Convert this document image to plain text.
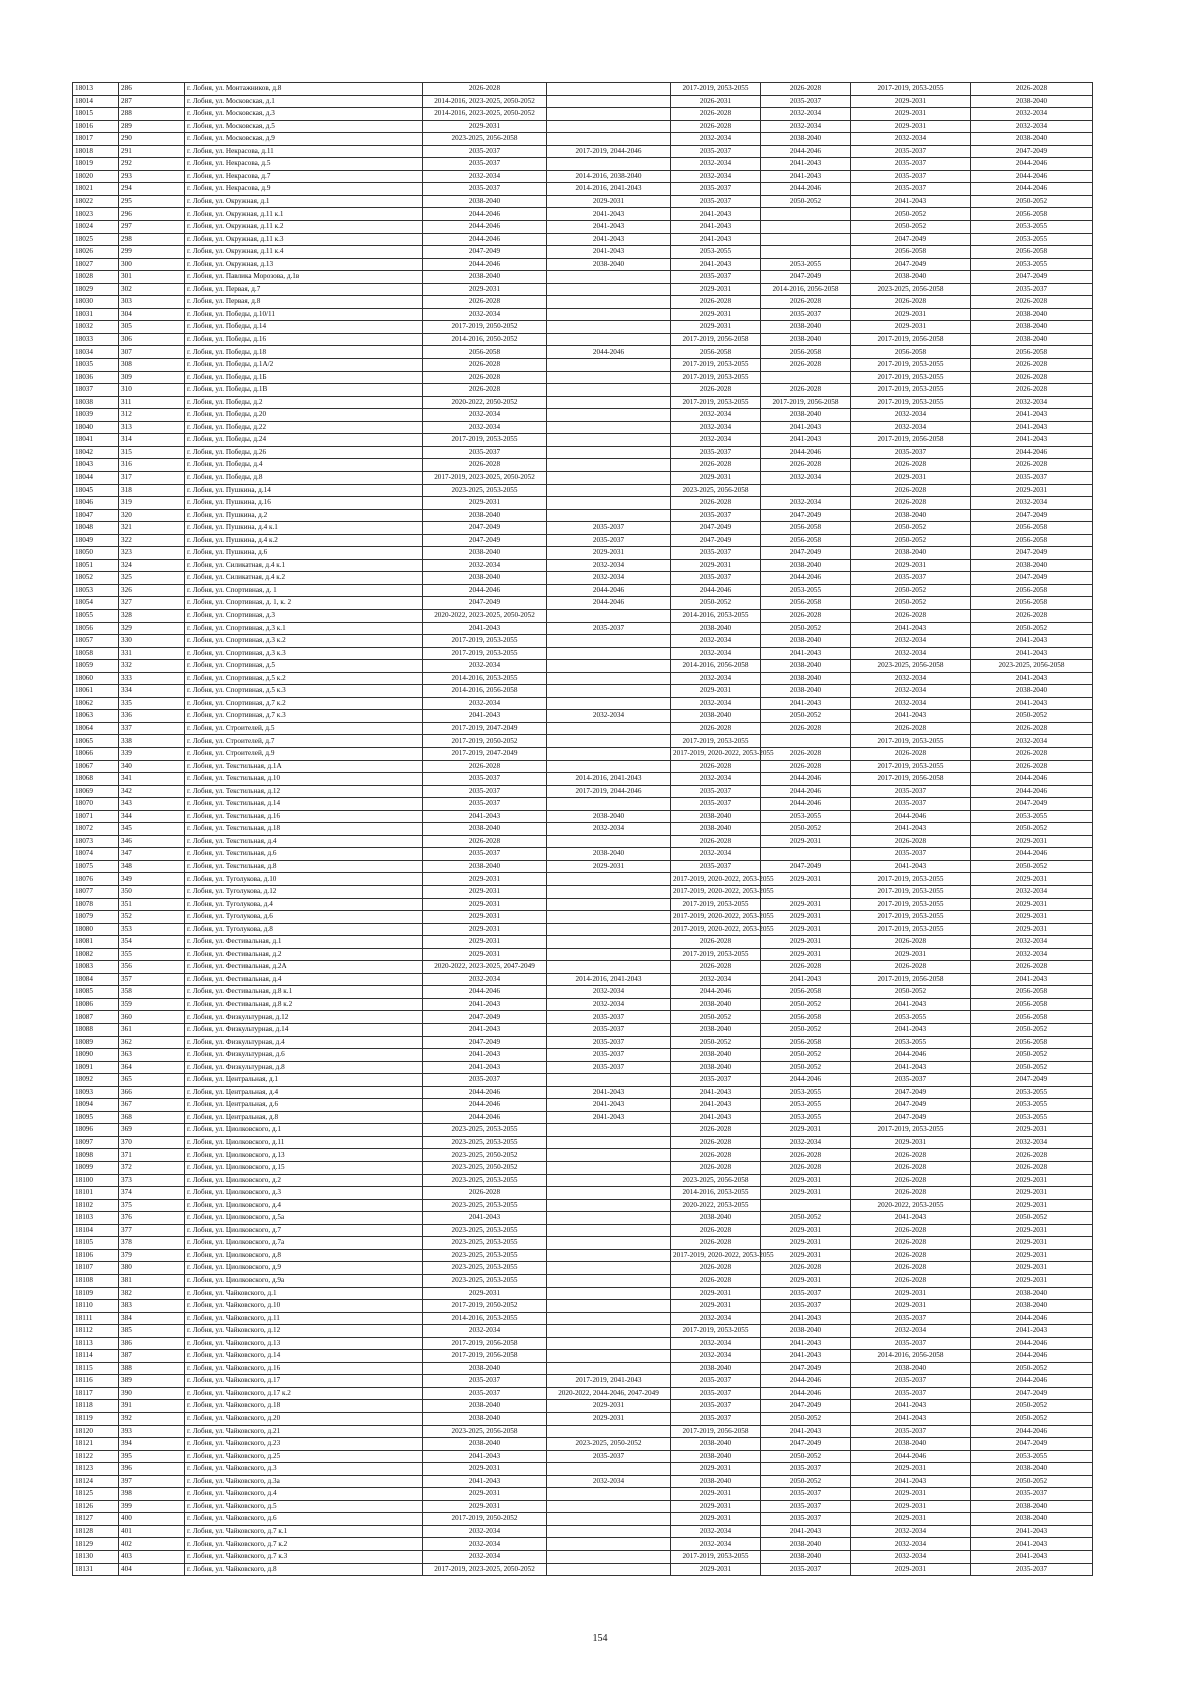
18013	286	г. Лобня, ул. Монтажников, д.8	2026-2028		2017-2019, 2053-2055	2026-2028	2017-2019, 2053-2055	2026-2028
18014	287	г. Лобня, ул. Московская, д.1	2014-2016, 2023-2025, 2050-2052		2026-2031	2035-2037	2029-2031	2038-2040
18015	288	г. Лобня, ул. Московская, д.3	2014-2016, 2023-2025, 2050-2052		2026-2028	2032-2034	2029-2031	2032-2034
18016	289	г. Лобня, ул. Московская, д.5	2029-2031		2026-2028	2032-2034	2029-2031	2032-2034
18017	290	г. Лобня, ул. Московская, д.9	2023-2025, 2056-2058		2032-2034	2038-2040	2032-2034	2038-2040
18018	291	г. Лобня, ул. Некрасова, д.11	2035-2037	2017-2019, 2044-2046	2035-2037	2044-2046	2035-2037	2047-2049
18019	292	г. Лобня, ул. Некрасова, д.5	2035-2037		2032-2034	2041-2043	2035-2037	2044-2046
18020	293	г. Лобня, ул. Некрасова, д.7	2032-2034	2014-2016, 2038-2040	2032-2034	2041-2043	2035-2037	2044-2046
18021	294	г. Лобня, ул. Некрасова, д.9	2035-2037	2014-2016, 2041-2043	2035-2037	2044-2046	2035-2037	2044-2046
18022	295	г. Лобня, ул. Окружная, д.1	2038-2040	2029-2031	2035-2037	2050-2052	2041-2043	2050-2052
18023	296	г. Лобня, ул. Окружная, д.11 к.1	2044-2046	2041-2043	2041-2043		2050-2052	2056-2058
18024	297	г. Лобня, ул. Окружная, д.11 к.2	2044-2046	2041-2043	2041-2043		2050-2052	2053-2055
18025	298	г. Лобня, ул. Окружная, д.11 к.3	2044-2046	2041-2043	2041-2043		2047-2049	2053-2055
18026	299	г. Лобня, ул. Окружная, д.11 к.4	2047-2049	2041-2043	2053-2055		2056-2058	2056-2058
18027	300	г. Лобня, ул. Окружная, д.13	2044-2046	2038-2040	2041-2043	2053-2055	2047-2049	2053-2055
18028	301	г. Лобня, ул. Павлика Морозова, д.1в	2038-2040		2035-2037	2047-2049	2038-2040	2047-2049
18029	302	г. Лобня, ул. Первая, д.7	2029-2031		2029-2031	2014-2016, 2056-2058	2023-2025, 2056-2058	2035-2037
18030	303	г. Лобня, ул. Первая, д.8	2026-2028		2026-2028	2026-2028	2026-2028	2026-2028
18031	304	г. Лобня, ул. Победы, д.10/11	2032-2034		2029-2031	2035-2037	2029-2031	2038-2040
18032	305	г. Лобня, ул. Победы, д.14	2017-2019, 2050-2052		2029-2031	2038-2040	2029-2031	2038-2040
18033	306	г. Лобня, ул. Победы, д.16	2014-2016, 2050-2052		2017-2019, 2056-2058	2038-2040	2017-2019, 2056-2058	2038-2040
18034	307	г. Лобня, ул. Победы, д.18	2056-2058	2044-2046	2056-2058	2056-2058	2056-2058	2056-2058
18035	308	г. Лобня, ул. Победы, д.1А/2	2026-2028		2017-2019, 2053-2055	2026-2028	2017-2019, 2053-2055	2026-2028
18036	309	г. Лобня, ул. Победы, д.1Б	2026-2028		2017-2019, 2053-2055		2017-2019, 2053-2055	2026-2028
18037	310	г. Лобня, ул. Победы, д.1В	2026-2028		2026-2028	2026-2028	2017-2019, 2053-2055	2026-2028
18038	311	г. Лобня, ул. Победы, д.2	2020-2022, 2050-2052		2017-2019, 2053-2055	2017-2019, 2056-2058	2017-2019, 2053-2055	2032-2034
18039	312	г. Лобня, ул. Победы, д.20	2032-2034		2032-2034	2038-2040	2032-2034	2041-2043
18040	313	г. Лобня, ул. Победы, д.22	2032-2034		2032-2034	2041-2043	2032-2034	2041-2043
18041	314	г. Лобня, ул. Победы, д.24	2017-2019, 2053-2055		2032-2034	2041-2043	2017-2019, 2056-2058	2041-2043
18042	315	г. Лобня, ул. Победы, д.26	2035-2037		2035-2037	2044-2046	2035-2037	2044-2046
18043	316	г. Лобня, ул. Победы, д.4	2026-2028		2026-2028	2026-2028	2026-2028	2026-2028
18044	317	г. Лобня, ул. Победы, д.8	2017-2019, 2023-2025, 2050-2052		2029-2031	2032-2034	2029-2031	2035-2037
18045	318	г. Лобня, ул. Пушкина, д.14	2023-2025, 2053-2055		2023-2025, 2056-2058		2026-2028	2029-2031
18046	319	г. Лобня, ул. Пушкина, д.16	2029-2031		2026-2028	2032-2034	2026-2028	2032-2034
18047	320	г. Лобня, ул. Пушкина, д.2	2038-2040		2035-2037	2047-2049	2038-2040	2047-2049
18048	321	г. Лобня, ул. Пушкина, д.4 к.1	2047-2049	2035-2037	2047-2049	2056-2058	2050-2052	2056-2058
18049	322	г. Лобня, ул. Пушкина, д.4 к.2	2047-2049	2035-2037	2047-2049	2056-2058	2050-2052	2056-2058
18050	323	г. Лобня, ул. Пушкина, д.6	2038-2040	2029-2031	2035-2037	2047-2049	2038-2040	2047-2049
18051	324	г. Лобня, ул. Силикатная, д.4 к.1	2032-2034	2032-2034	2029-2031	2038-2040	2029-2031	2038-2040
18052	325	г. Лобня, ул. Силикатная, д.4 к.2	2038-2040	2032-2034	2035-2037	2044-2046	2035-2037	2047-2049
18053	326	г. Лобня, ул. Спортивная, д. 1	2044-2046	2044-2046	2044-2046	2053-2055	2050-2052	2056-2058
18054	327	г. Лобня, ул. Спортивная, д. 1, к. 2	2047-2049	2044-2046	2050-2052	2056-2058	2050-2052	2056-2058
18055	328	г. Лобня, ул. Спортивная, д.3	2020-2022, 2023-2025, 2050-2052		2014-2016, 2053-2055	2026-2028	2026-2028	2026-2028
18056	329	г. Лобня, ул. Спортивная, д.3 к.1	2041-2043	2035-2037	2038-2040	2050-2052	2041-2043	2050-2052
18057	330	г. Лобня, ул. Спортивная, д.3 к.2	2017-2019, 2053-2055		2032-2034	2038-2040	2032-2034	2041-2043
18058	331	г. Лобня, ул. Спортивная, д.3 к.3	2017-2019, 2053-2055		2032-2034	2041-2043	2032-2034	2041-2043
18059	332	г. Лобня, ул. Спортивная, д.5	2032-2034		2014-2016, 2056-2058	2038-2040	2023-2025, 2056-2058	2023-2025, 2056-2058
18060	333	г. Лобня, ул. Спортивная, д.5 к.2	2014-2016, 2053-2055		2032-2034	2038-2040	2032-2034	2041-2043
18061	334	г. Лобня, ул. Спортивная, д.5 к.3	2014-2016, 2056-2058		2029-2031	2038-2040	2032-2034	2038-2040
18062	335	г. Лобня, ул. Спортивная, д.7 к.2	2032-2034		2032-2034	2041-2043	2032-2034	2041-2043
18063	336	г. Лобня, ул. Спортивная, д.7 к.3	2041-2043	2032-2034	2038-2040	2050-2052	2041-2043	2050-2052
18064	337	г. Лобня, ул. Строителей, д.5	2017-2019, 2047-2049		2026-2028	2026-2028	2026-2028	2026-2028
18065	338	г. Лобня, ул. Строителей, д.7	2017-2019, 2050-2052		2017-2019, 2053-2055		2017-2019, 2053-2055	2032-2034
18066	339	г. Лобня, ул. Строителей, д.9	2017-2019, 2047-2049		2017-2019, 2020-2022, 2053-2055	2026-2028	2026-2028	2026-2028
18067	340	г. Лобня, ул. Текстильная, д.1А	2026-2028		2026-2028	2026-2028	2017-2019, 2053-2055	2026-2028
18068	341	г. Лобня, ул. Текстильная, д.10	2035-2037	2014-2016, 2041-2043	2032-2034	2044-2046	2017-2019, 2056-2058	2044-2046
18069	342	г. Лобня, ул. Текстильная, д.12	2035-2037	2017-2019, 2044-2046	2035-2037	2044-2046	2035-2037	2044-2046
18070	343	г. Лобня, ул. Текстильная, д.14	2035-2037		2035-2037	2044-2046	2035-2037	2047-2049
18071	344	г. Лобня, ул. Текстильная, д.16	2041-2043	2038-2040	2038-2040	2053-2055	2044-2046	2053-2055
18072	345	г. Лобня, ул. Текстильная, д.18	2038-2040	2032-2034	2038-2040	2050-2052	2041-2043	2050-2052
18073	346	г. Лобня, ул. Текстильная, д.4	2026-2028		2026-2028	2029-2031	2026-2028	2029-2031
18074	347	г. Лобня, ул. Текстильная, д.6	2035-2037	2038-2040	2032-2034		2035-2037	2044-2046
18075	348	г. Лобня, ул. Текстильная, д.8	2038-2040	2029-2031	2035-2037	2047-2049	2041-2043	2050-2052
18076	349	г. Лобня, ул. Туголукова, д.10	2029-2031		2017-2019, 2020-2022, 2053-2055	2029-2031	2017-2019, 2053-2055	2029-2031
18077	350	г. Лобня, ул. Туголукова, д.12	2029-2031		2017-2019, 2020-2022, 2053-2055		2017-2019, 2053-2055	2032-2034
18078	351	г. Лобня, ул. Туголукова, д.4	2029-2031		2017-2019, 2053-2055	2029-2031	2017-2019, 2053-2055	2029-2031
18079	352	г. Лобня, ул. Туголукова, д.6	2029-2031		2017-2019, 2020-2022, 2053-2055	2029-2031	2017-2019, 2053-2055	2029-2031
18080	353	г. Лобня, ул. Туголукова, д.8	2029-2031		2017-2019, 2020-2022, 2053-2055	2029-2031	2017-2019, 2053-2055	2029-2031
18081	354	г. Лобня, ул. Фестивальная, д.1	2029-2031		2026-2028	2029-2031	2026-2028	2032-2034
18082	355	г. Лобня, ул. Фестивальная, д.2	2029-2031		2017-2019, 2053-2055	2029-2031	2029-2031	2032-2034
18083	356	г. Лобня, ул. Фестивальная, д.2А	2020-2022, 2023-2025, 2047-2049		2026-2028	2026-2028	2026-2028	2026-2028
18084	357	г. Лобня, ул. Фестивальная, д.4	2032-2034	2014-2016, 2041-2043	2032-2034	2041-2043	2017-2019, 2056-2058	2041-2043
18085	358	г. Лобня, ул. Фестивальная, д.8 к.1	2044-2046	2032-2034	2044-2046	2056-2058	2050-2052	2056-2058
18086	359	г. Лобня, ул. Фестивальная, д.8 к.2	2041-2043	2032-2034	2038-2040	2050-2052	2041-2043	2056-2058
18087	360	г. Лобня, ул. Физкультурная, д.12	2047-2049	2035-2037	2050-2052	2056-2058	2053-2055	2056-2058
18088	361	г. Лобня, ул. Физкультурная, д.14	2041-2043	2035-2037	2038-2040	2050-2052	2041-2043	2050-2052
18089	362	г. Лобня, ул. Физкультурная, д.4	2047-2049	2035-2037	2050-2052	2056-2058	2053-2055	2056-2058
18090	363	г. Лобня, ул. Физкультурная, д.6	2041-2043	2035-2037	2038-2040	2050-2052	2044-2046	2050-2052
18091	364	г. Лобня, ул. Физкультурная, д.8	2041-2043	2035-2037	2038-2040	2050-2052	2041-2043	2050-2052
18092	365	г. Лобня, ул. Центральная, д.1	2035-2037		2035-2037	2044-2046	2035-2037	2047-2049
18093	366	г. Лобня, ул. Центральная, д.4	2044-2046	2041-2043	2041-2043	2053-2055	2047-2049	2053-2055
18094	367	г. Лобня, ул. Центральная, д.6	2044-2046	2041-2043	2041-2043	2053-2055	2047-2049	2053-2055
18095	368	г. Лобня, ул. Центральная, д.8	2044-2046	2041-2043	2041-2043	2053-2055	2047-2049	2053-2055
18096	369	г. Лобня, ул. Циолковского, д.1	2023-2025, 2053-2055		2026-2028	2029-2031	2017-2019, 2053-2055	2029-2031
18097	370	г. Лобня, ул. Циолковского, д.11	2023-2025, 2053-2055		2026-2028	2032-2034	2029-2031	2032-2034
18098	371	г. Лобня, ул. Циолковского, д.13	2023-2025, 2050-2052		2026-2028	2026-2028	2026-2028	2026-2028
18099	372	г. Лобня, ул. Циолковского, д.15	2023-2025, 2050-2052		2026-2028	2026-2028	2026-2028	2026-2028
18100	373	г. Лобня, ул. Циолковского, д.2	2023-2025, 2053-2055		2023-2025, 2056-2058	2029-2031	2026-2028	2029-2031
18101	374	г. Лобня, ул. Циолковского, д.3	2026-2028		2014-2016, 2053-2055	2029-2031	2026-2028	2029-2031
18102	375	г. Лобня, ул. Циолковского, д.4	2023-2025, 2053-2055		2020-2022, 2053-2055		2020-2022, 2053-2055	2029-2031
18103	376	г. Лобня, ул. Циолковского, д.5а	2041-2043		2038-2040	2050-2052	2041-2043	2050-2052
18104	377	г. Лобня, ул. Циолковского, д.7	2023-2025, 2053-2055		2026-2028	2029-2031	2026-2028	2029-2031
18105	378	г. Лобня, ул. Циолковского, д.7а	2023-2025, 2053-2055		2026-2028	2029-2031	2026-2028	2029-2031
18106	379	г. Лобня, ул. Циолковского, д.8	2023-2025, 2053-2055		2017-2019, 2020-2022, 2053-2055	2029-2031	2026-2028	2029-2031
18107	380	г. Лобня, ул. Циолковского, д.9	2023-2025, 2053-2055		2026-2028	2026-2028	2026-2028	2029-2031
18108	381	г. Лобня, ул. Циолковского, д.9а	2023-2025, 2053-2055		2026-2028	2029-2031	2026-2028	2029-2031
18109	382	г. Лобня, ул. Чайковского, д.1	2029-2031		2029-2031	2035-2037	2029-2031	2038-2040
18110	383	г. Лобня, ул. Чайковского, д.10	2017-2019, 2050-2052		2029-2031	2035-2037	2029-2031	2038-2040
18111	384	г. Лобня, ул. Чайковского, д.11	2014-2016, 2053-2055		2032-2034	2041-2043	2035-2037	2044-2046
18112	385	г. Лобня, ул. Чайковского, д.12	2032-2034		2017-2019, 2053-2055	2038-2040	2032-2034	2041-2043
18113	386	г. Лобня, ул. Чайковского, д.13	2017-2019, 2056-2058		2032-2034	2041-2043	2035-2037	2044-2046
18114	387	г. Лобня, ул. Чайковского, д.14	2017-2019, 2056-2058		2032-2034	2041-2043	2014-2016, 2056-2058	2044-2046
18115	388	г. Лобня, ул. Чайковского, д.16	2038-2040		2038-2040	2047-2049	2038-2040	2050-2052
18116	389	г. Лобня, ул. Чайковского, д.17	2035-2037	2017-2019, 2041-2043	2035-2037	2044-2046	2035-2037	2044-2046
18117	390	г. Лобня, ул. Чайковского, д.17 к.2	2035-2037	2020-2022, 2044-2046, 2047-2049	2035-2037	2044-2046	2035-2037	2047-2049
18118	391	г. Лобня, ул. Чайковского, д.18	2038-2040	2029-2031	2035-2037	2047-2049	2041-2043	2050-2052
18119	392	г. Лобня, ул. Чайковского, д.20	2038-2040	2029-2031	2035-2037	2050-2052	2041-2043	2050-2052
18120	393	г. Лобня, ул. Чайковского, д.21	2023-2025, 2056-2058		2017-2019, 2056-2058	2041-2043	2035-2037	2044-2046
18121	394	г. Лобня, ул. Чайковского, д.23	2038-2040	2023-2025, 2050-2052	2038-2040	2047-2049	2038-2040	2047-2049
18122	395	г. Лобня, ул. Чайковского, д.25	2041-2043	2035-2037	2038-2040	2050-2052	2044-2046	2053-2055
18123	396	г. Лобня, ул. Чайковского, д.3	2029-2031		2029-2031	2035-2037	2029-2031	2038-2040
18124	397	г. Лобня, ул. Чайковского, д.3а	2041-2043	2032-2034	2038-2040	2050-2052	2041-2043	2050-2052
18125	398	г. Лобня, ул. Чайковского, д.4	2029-2031		2029-2031	2035-2037	2029-2031	2035-2037
18126	399	г. Лобня, ул. Чайковского, д.5	2029-2031		2029-2031	2035-2037	2029-2031	2038-2040
18127	400	г. Лобня, ул. Чайковского, д.6	2017-2019, 2050-2052		2029-2031	2035-2037	2029-2031	2038-2040
18128	401	г. Лобня, ул. Чайковского, д.7 к.1	2032-2034		2032-2034	2041-2043	2032-2034	2041-2043
18129	402	г. Лобня, ул. Чайковского, д.7 к.2	2032-2034		2032-2034	2038-2040	2032-2034	2041-2043
18130	403	г. Лобня, ул. Чайковского, д.7 к.3	2032-2034		2017-2019, 2053-2055	2038-2040	2032-2034	2041-2043
18131	404	г. Лобня, ул. Чайковского, д.8	2017-2019, 2023-2025, 2050-2052		2029-2031	2035-2037	2029-2031	2035-2037
154
